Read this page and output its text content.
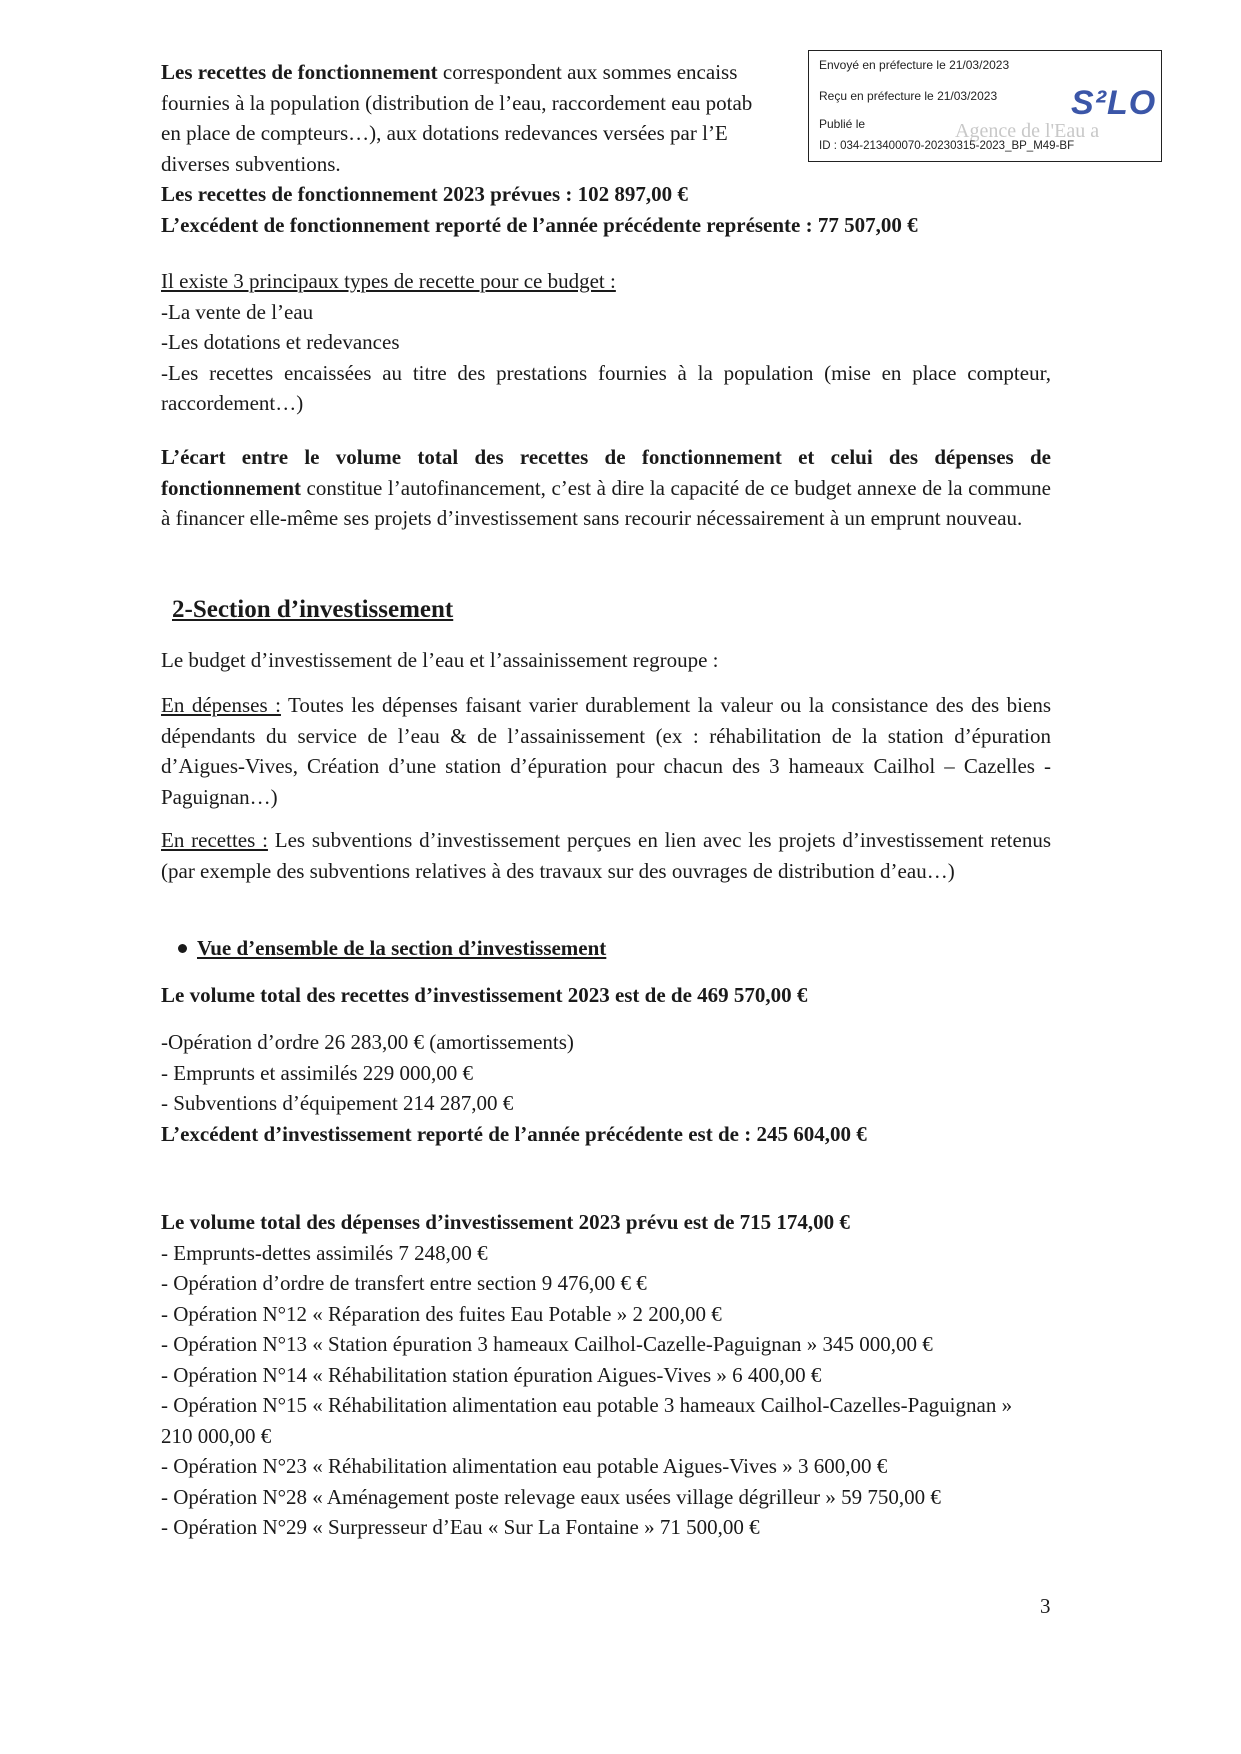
Les recettes de fonctionnement correspondent aux sommes encaiss
fournies à la population (distribution de l’eau, raccordement eau potab
en place de compteurs…), aux dotations redevances versées par l’E
diverses subventions.
Les recettes de fonctionnement 2023 prévues : 102 897,00 €
L’excédent de fonctionnement reporté de l’année précédente représente : 77 507,00 €
Agence de l'Eau a
Envoyé en préfecture le 21/03/2023
Reçu en préfecture le 21/03/2023
Publié le
ID : 034-213400070-20230315-2023_BP_M49-BF
S²LO
Il existe 3 principaux types de recette pour ce budget :
-La vente de l’eau
-Les dotations et redevances
-Les recettes encaissées au titre des prestations fournies à la population (mise en place compteur, raccordement…)

L’écart entre le volume total des recettes de fonctionnement et celui des dépenses de fonctionnement constitue l’autofinancement, c’est à dire la capacité de ce budget annexe de la commune à financer elle-même ses projets d’investissement sans recourir nécessairement à un emprunt nouveau.

2-Section d’investissement
Le budget d’investissement de l’eau et l’assainissement regroupe :

En dépenses : Toutes les dépenses faisant varier durablement la valeur ou la consistance des des biens dépendants du service de l’eau & de l’assainissement (ex : réhabilitation de la station d’épuration d’Aigues-Vives, Création d’une station d’épuration pour chacun des 3 hameaux Cailhol – Cazelles - Paguignan…)

En recettes : Les subventions d’investissement perçues en lien avec les projets d’investissement retenus (par exemple des subventions relatives à des travaux sur des ouvrages de distribution d’eau…)

Vue d’ensemble de la section d’investissement
Le volume total des recettes d’investissement 2023 est de de 469 570,00 €
-Opération d’ordre 26 283,00 € (amortissements)
- Emprunts et assimilés 229 000,00 €
- Subventions d’équipement 214 287,00 €
L’excédent d’investissement reporté de l’année précédente est de : 245 604,00 €
Le volume total des dépenses d’investissement 2023 prévu est de 715 174,00 €
- Emprunts-dettes assimilés 7 248,00 €
- Opération d’ordre de transfert entre section 9 476,00 € €
- Opération N°12 « Réparation des fuites Eau Potable » 2 200,00 €
- Opération N°13 « Station épuration 3 hameaux Cailhol-Cazelle-Paguignan » 345 000,00 €
- Opération N°14 « Réhabilitation station épuration Aigues-Vives » 6 400,00 €
- Opération N°15 « Réhabilitation alimentation eau potable 3 hameaux Cailhol-Cazelles-Paguignan » 210 000,00 €
- Opération N°23 « Réhabilitation alimentation eau potable Aigues-Vives » 3 600,00 €
- Opération N°28 « Aménagement poste relevage eaux usées village dégrilleur » 59 750,00 €
- Opération N°29 « Surpresseur d’Eau « Sur La Fontaine » 71 500,00 €
3
